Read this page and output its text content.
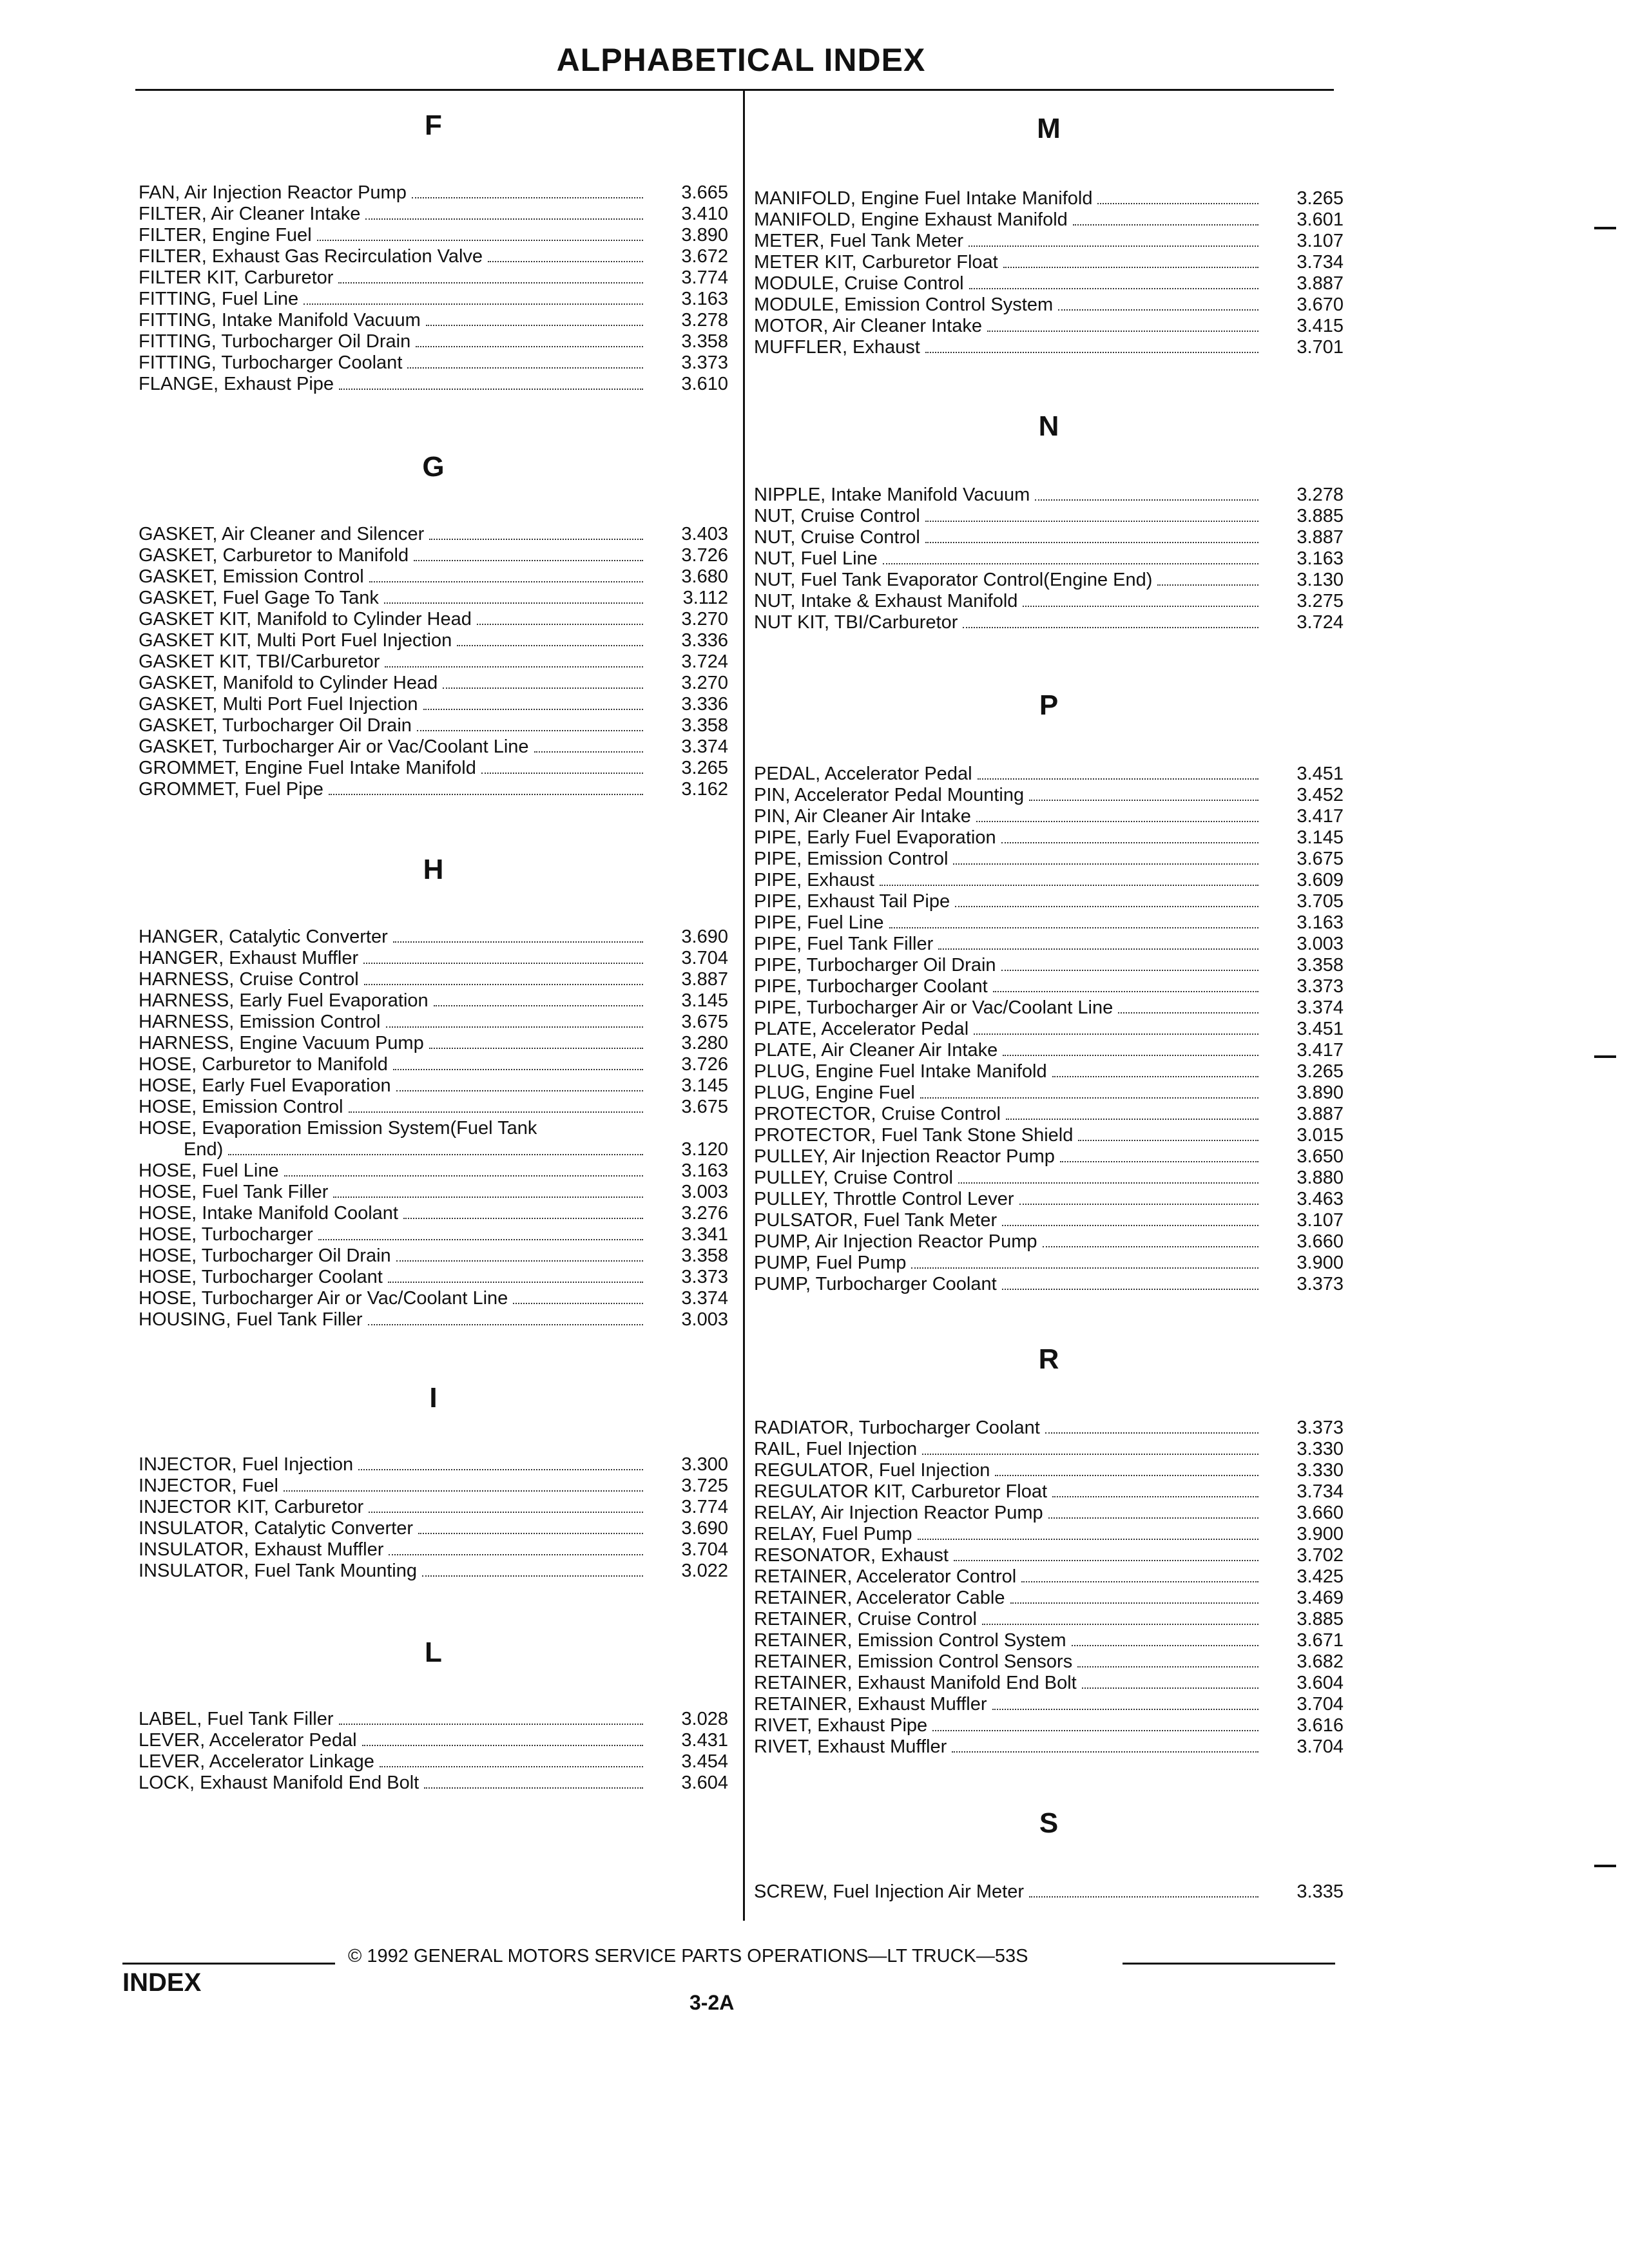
ALPHABETICAL INDEX
F
FAN, Air Injection Reactor Pump	3.665
FILTER, Air Cleaner Intake	3.410
FILTER, Engine Fuel	3.890
FILTER, Exhaust Gas Recirculation Valve	3.672
FILTER KIT, Carburetor	3.774
FITTING, Fuel Line	3.163
FITTING, Intake Manifold Vacuum	3.278
FITTING, Turbocharger Oil Drain	3.358
FITTING, Turbocharger Coolant	3.373
FLANGE, Exhaust Pipe	3.610
G
GASKET, Air Cleaner and Silencer	3.403
GASKET, Carburetor to Manifold	3.726
GASKET, Emission Control	3.680
GASKET, Fuel Gage To Tank	3.112
GASKET KIT, Manifold to Cylinder Head	3.270
GASKET KIT, Multi Port Fuel Injection	3.336
GASKET KIT, TBI/Carburetor	3.724
GASKET, Manifold to Cylinder Head	3.270
GASKET, Multi Port Fuel Injection	3.336
GASKET, Turbocharger Oil Drain	3.358
GASKET, Turbocharger Air or Vac/Coolant Line	3.374
GROMMET, Engine Fuel Intake Manifold	3.265
GROMMET, Fuel Pipe	3.162
H
HANGER, Catalytic Converter	3.690
HANGER, Exhaust Muffler	3.704
HARNESS, Cruise Control	3.887
HARNESS, Early Fuel Evaporation	3.145
HARNESS, Emission Control	3.675
HARNESS, Engine Vacuum Pump	3.280
HOSE, Carburetor to Manifold	3.726
HOSE, Early Fuel Evaporation	3.145
HOSE, Emission Control	3.675
HOSE, Evaporation Emission System(Fuel Tank
End)	3.120
HOSE, Fuel Line	3.163
HOSE, Fuel Tank Filler	3.003
HOSE, Intake Manifold Coolant	3.276
HOSE, Turbocharger	3.341
HOSE, Turbocharger Oil Drain	3.358
HOSE, Turbocharger Coolant	3.373
HOSE, Turbocharger Air or Vac/Coolant Line	3.374
HOUSING, Fuel Tank Filler	3.003
I
INJECTOR, Fuel Injection	3.300
INJECTOR, Fuel	3.725
INJECTOR KIT, Carburetor	3.774
INSULATOR, Catalytic Converter	3.690
INSULATOR, Exhaust Muffler	3.704
INSULATOR, Fuel Tank Mounting	3.022
L
LABEL, Fuel Tank Filler	3.028
LEVER, Accelerator Pedal	3.431
LEVER, Accelerator Linkage	3.454
LOCK, Exhaust Manifold End Bolt	3.604
M
MANIFOLD, Engine Fuel Intake Manifold	3.265
MANIFOLD, Engine Exhaust Manifold	3.601
METER, Fuel Tank Meter	3.107
METER KIT, Carburetor Float	3.734
MODULE, Cruise Control	3.887
MODULE, Emission Control System	3.670
MOTOR, Air Cleaner Intake	3.415
MUFFLER, Exhaust	3.701
N
NIPPLE, Intake Manifold Vacuum	3.278
NUT, Cruise Control	3.885
NUT, Cruise Control	3.887
NUT, Fuel Line	3.163
NUT, Fuel Tank Evaporator Control(Engine End)	3.130
NUT, Intake & Exhaust Manifold	3.275
NUT KIT, TBI/Carburetor	3.724
P
PEDAL, Accelerator Pedal	3.451
PIN, Accelerator Pedal Mounting	3.452
PIN, Air Cleaner Air Intake	3.417
PIPE, Early Fuel Evaporation	3.145
PIPE, Emission Control	3.675
PIPE, Exhaust	3.609
PIPE, Exhaust Tail Pipe	3.705
PIPE, Fuel Line	3.163
PIPE, Fuel Tank Filler	3.003
PIPE, Turbocharger Oil Drain	3.358
PIPE, Turbocharger Coolant	3.373
PIPE, Turbocharger Air or Vac/Coolant Line	3.374
PLATE, Accelerator Pedal	3.451
PLATE, Air Cleaner Air Intake	3.417
PLUG, Engine Fuel Intake Manifold	3.265
PLUG, Engine Fuel	3.890
PROTECTOR, Cruise Control	3.887
PROTECTOR, Fuel Tank Stone Shield	3.015
PULLEY, Air Injection Reactor Pump	3.650
PULLEY, Cruise Control	3.880
PULLEY, Throttle Control Lever	3.463
PULSATOR, Fuel Tank Meter	3.107
PUMP, Air Injection Reactor Pump	3.660
PUMP, Fuel Pump	3.900
PUMP, Turbocharger Coolant	3.373
R
RADIATOR, Turbocharger Coolant	3.373
RAIL, Fuel Injection	3.330
REGULATOR, Fuel Injection	3.330
REGULATOR KIT, Carburetor Float	3.734
RELAY, Air Injection Reactor Pump	3.660
RELAY, Fuel Pump	3.900
RESONATOR, Exhaust	3.702
RETAINER, Accelerator Control	3.425
RETAINER, Accelerator Cable	3.469
RETAINER, Cruise Control	3.885
RETAINER, Emission Control System	3.671
RETAINER, Emission Control Sensors	3.682
RETAINER, Exhaust Manifold End Bolt	3.604
RETAINER, Exhaust Muffler	3.704
RIVET, Exhaust Pipe	3.616
RIVET, Exhaust Muffler	3.704
S
SCREW, Fuel Injection Air Meter	3.335
© 1992 GENERAL MOTORS SERVICE PARTS OPERATIONS—LT TRUCK—53S
INDEX
3-2A
